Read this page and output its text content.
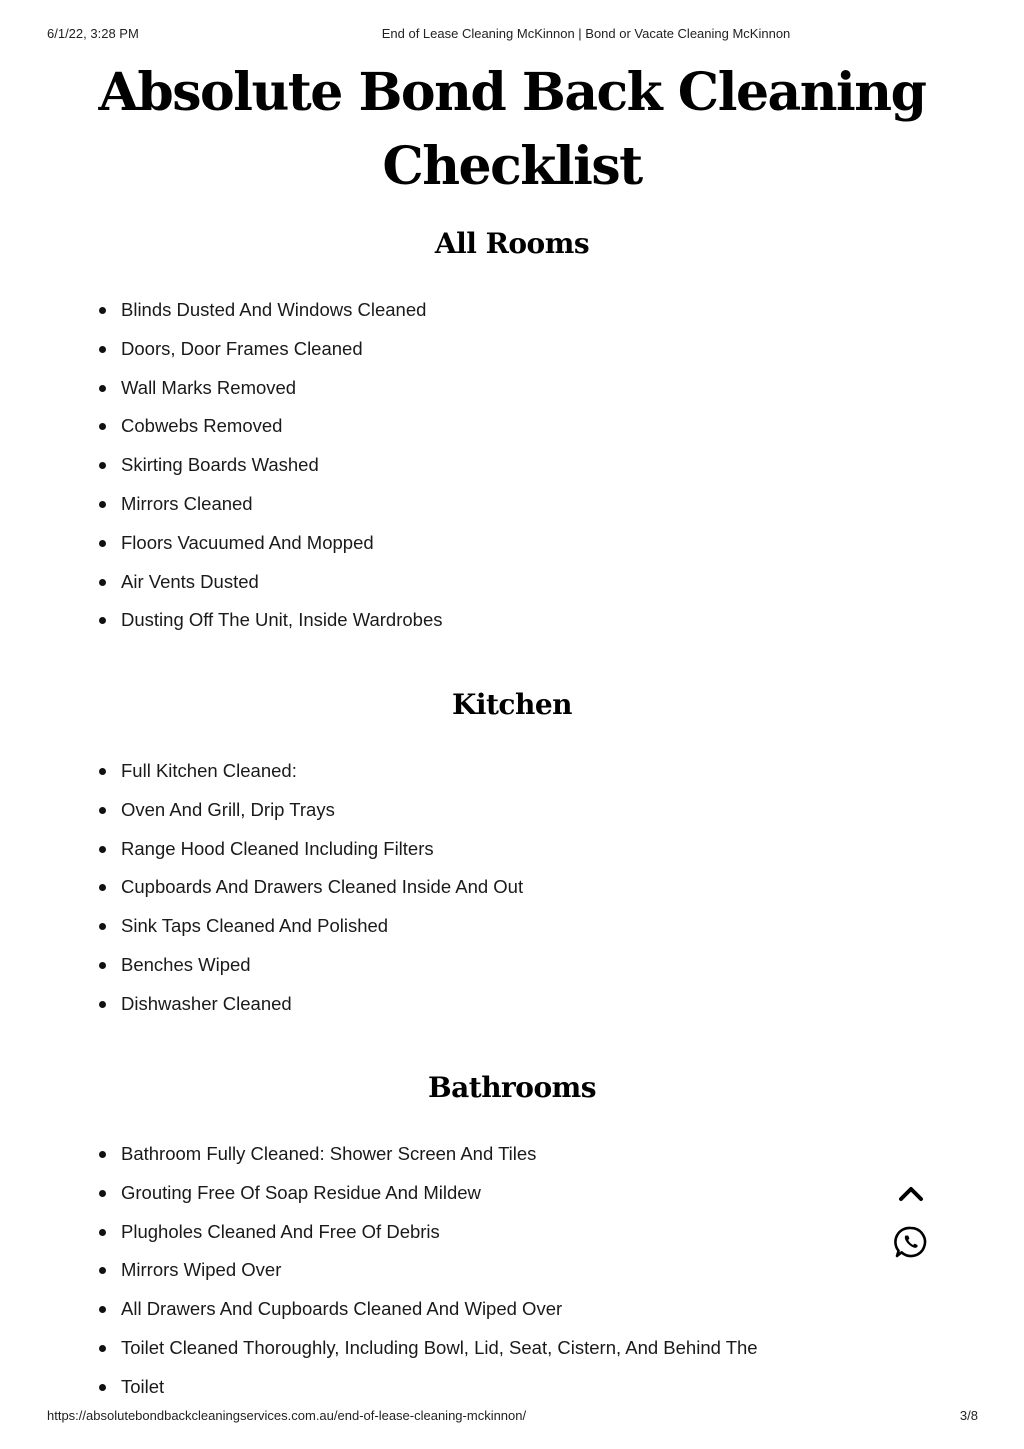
6/1/22, 3:28 PM	End of Lease Cleaning McKinnon | Bond or Vacate Cleaning McKinnon
Absolute Bond Back Cleaning
Checklist
All Rooms
Blinds Dusted And Windows Cleaned
Doors, Door Frames Cleaned
Wall Marks Removed
Cobwebs Removed
Skirting Boards Washed
Mirrors Cleaned
Floors Vacuumed And Mopped
Air Vents Dusted
Dusting Off The Unit, Inside Wardrobes
Kitchen
Full Kitchen Cleaned:
Oven And Grill, Drip Trays
Range Hood Cleaned Including Filters
Cupboards And Drawers Cleaned Inside And Out
Sink Taps Cleaned And Polished
Benches Wiped
Dishwasher Cleaned
Bathrooms
Bathroom Fully Cleaned: Shower Screen And Tiles
Grouting Free Of Soap Residue And Mildew
Plugholes Cleaned And Free Of Debris
Mirrors Wiped Over
All Drawers And Cupboards Cleaned And Wiped Over
Toilet Cleaned Thoroughly, Including Bowl, Lid, Seat, Cistern, And Behind The
Toilet
https://absolutebondbackcleaningservices.com.au/end-of-lease-cleaning-mckinnon/	3/8
